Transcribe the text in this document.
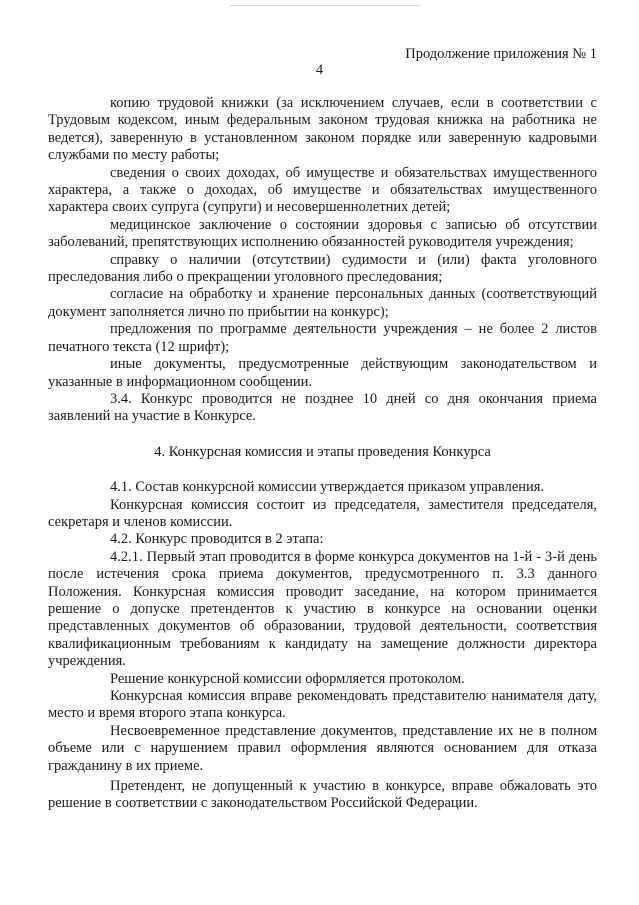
Продолжение приложения № 1
4

копию трудовой книжки (за исключением случаев, если в соответствии с Трудовым кодексом, иным федеральным законом трудовая книжка на работника не ведется), заверенную в установленном законом порядке или заверенную кадровыми службами по месту работы;

сведения о своих доходах, об имуществе и обязательствах имущественного характера, а также о доходах, об имуществе и обязательствах имущественного характера своих супруга (супруги) и несовершеннолетних детей;

медицинское заключение о состоянии здоровья с записью об отсутствии заболеваний, препятствующих исполнению обязанностей руководителя учреждения;

справку о наличии (отсутствии) судимости и (или) факта уголовного преследования либо о прекращении уголовного преследования;

согласие на обработку и хранение персональных данных (соответствующий документ заполняется лично по прибытии на конкурс);

предложения по программе деятельности учреждения – не более 2 листов печатного текста (12 шрифт);

иные документы, предусмотренные действующим законодательством и указанные в информационном сообщении.

3.4. Конкурс проводится не позднее 10 дней со дня окончания приема заявлений на участие в Конкурсе.

4. Конкурсная комиссия и этапы проведения Конкурса

4.1. Состав конкурсной комиссии утверждается приказом управления.

Конкурсная комиссия состоит из председателя, заместителя председателя, секретаря и членов комиссии.

4.2. Конкурс проводится в 2 этапа:

4.2.1. Первый этап проводится в форме конкурса документов на 1-й - 3-й день после истечения срока приема документов, предусмотренного п. 3.3 данного Положения. Конкурсная комиссия проводит заседание, на котором принимается решение о допуске претендентов к участию в конкурсе на основании оценки представленных документов об образовании, трудовой деятельности, соответствия квалификационным требованиям к кандидату на замещение должности директора учреждения.

Решение конкурсной комиссии оформляется протоколом.

Конкурсная комиссия вправе рекомендовать представителю нанимателя дату, место и время второго этапа конкурса.

Несвоевременное представление документов, представление их не в полном объеме или с нарушением правил оформления являются основанием для отказа гражданину в их приеме.

Претендент, не допущенный к участию в конкурсе, вправе обжаловать это решение в соответствии с законодательством Российской Федерации.
